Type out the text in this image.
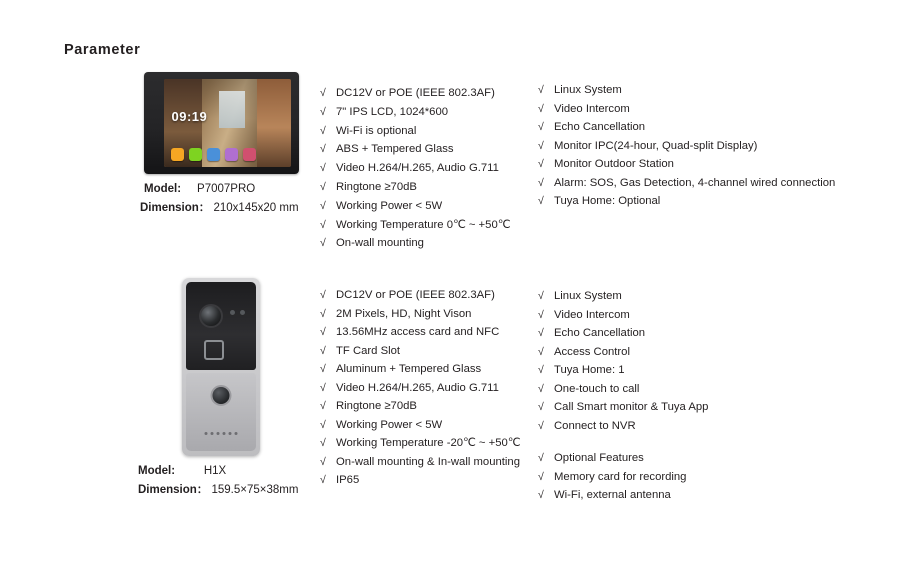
Parameter
09:19
Model: P7007PRO
Dimension： 210x145x20 mm
√ DC12V or POE (IEEE 802.3AF)
√ 7" IPS LCD, 1024*600
√ Wi-Fi is optional
√ ABS + Tempered Glass
√ Video H.264/H.265, Audio G.711
√ Ringtone ≥70dB
√ Working Power < 5W
√ Working Temperature 0℃ ~ +50℃
√ On-wall mounting
√ Linux System
√ Video Intercom
√ Echo Cancellation
√ Monitor IPC(24-hour, Quad-split Display)
√ Monitor Outdoor Station
√ Alarm: SOS, Gas Detection, 4-channel wired connection
√ Tuya Home: Optional
Model:	H1X
Dimension： 159.5×75×38mm
√ DC12V or POE (IEEE 802.3AF)
√ 2M Pixels, HD, Night Vison
√ 13.56MHz access card and NFC
√ TF Card Slot
√ Aluminum + Tempered Glass
√ Video H.264/H.265, Audio G.711
√ Ringtone ≥70dB
√ Working Power < 5W
√ Working Temperature -20℃ ~ +50℃
√ On-wall mounting & In-wall mounting
√ IP65
√ Linux System
√ Video Intercom
√ Echo Cancellation
√ Access Control
√ Tuya Home: 1
√ One-touch to call
√ Call Smart monitor & Tuya App
√ Connect to NVR
√ Optional Features
√ Memory card for recording
√ Wi-Fi, external antenna
